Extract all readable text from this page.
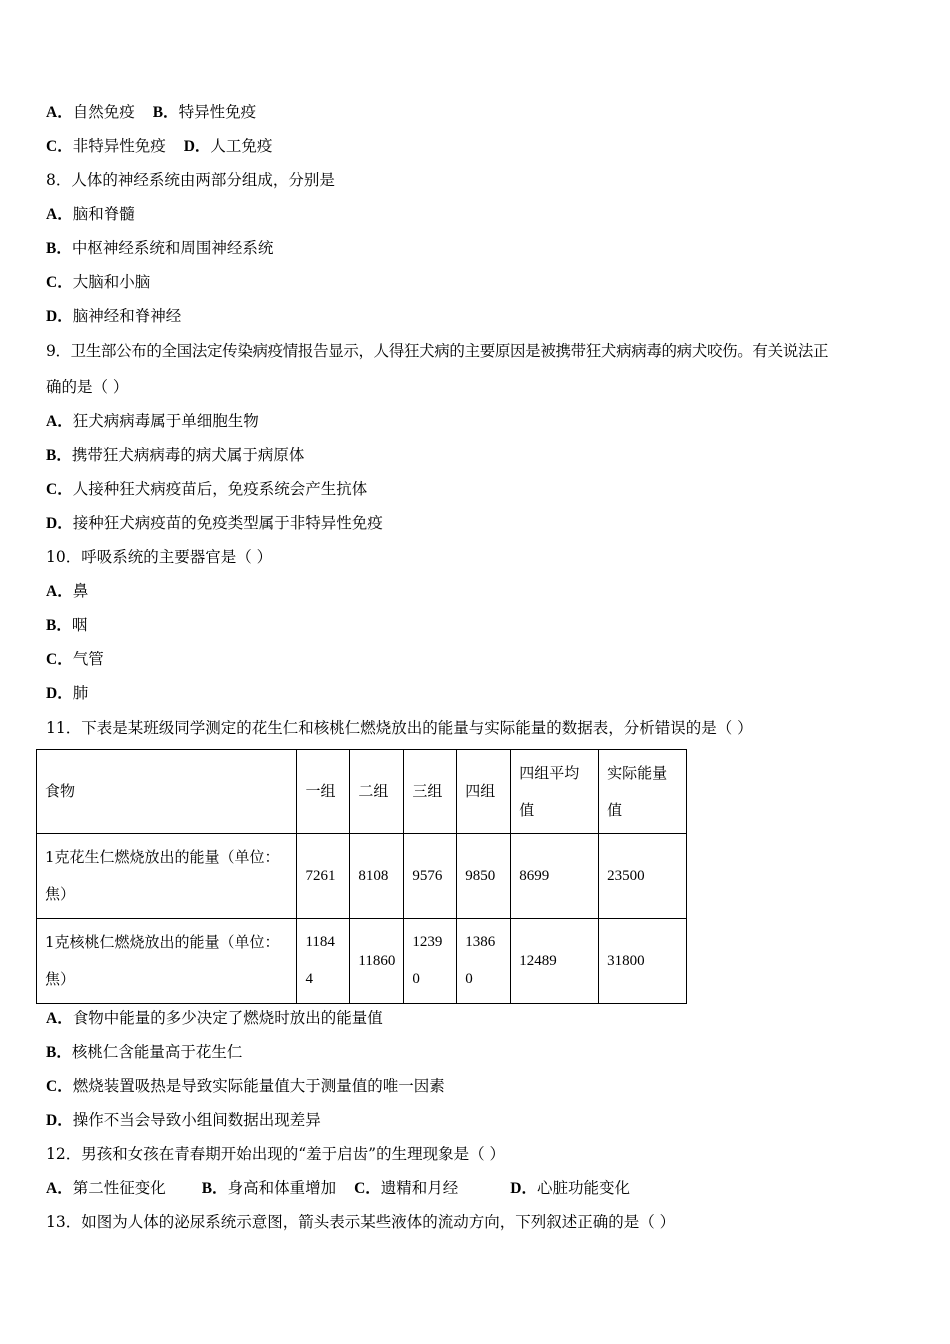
A．自然免疫 B．特异性免疫
C．非特异性免疫 D．人工免疫
8．人体的神经系统由两部分组成，分别是
A．脑和脊髓
B．中枢神经系统和周围神经系统
C．大脑和小脑
D．脑神经和脊神经
9．卫生部公布的全国法定传染病疫情报告显示，人得狂犬病的主要原因是被携带狂犬病病毒的病犬咬伤。有关说法正
确的是（ ）
A．狂犬病病毒属于单细胞生物
B．携带狂犬病病毒的病犬属于病原体
C．人接种狂犬病疫苗后，免疫系统会产生抗体
D．接种狂犬病疫苗的免疫类型属于非特异性免疫
10．呼吸系统的主要器官是（ ）
A．鼻
B．咽
C．气管
D．肺
11．下表是某班级同学测定的花生仁和核桃仁燃烧放出的能量与实际能量的数据表，分析错误的是（ ）
食物	一组	二组	三组	四组	四组平均值	实际能量值
1克花生仁燃烧放出的能量（单位：焦）	7261	8108	9576	9850	8699	23500
1克核桃仁燃烧放出的能量（单位：焦）	11844	11860	12390	13860	12489	31800
A．食物中能量的多少决定了燃烧时放出的能量值
B．核桃仁含能量高于花生仁
C．燃烧装置吸热是导致实际能量值大于测量值的唯一因素
D．操作不当会导致小组间数据出现差异
12．男孩和女孩在青春期开始出现的“羞于启齿”的生理现象是（ ）
A．第二性征变化 B．身高和体重增加 C．遗精和月经	D．心脏功能变化
13．如图为人体的泌尿系统示意图，箭头表示某些液体的流动方向，下列叙述正确的是（ ）
